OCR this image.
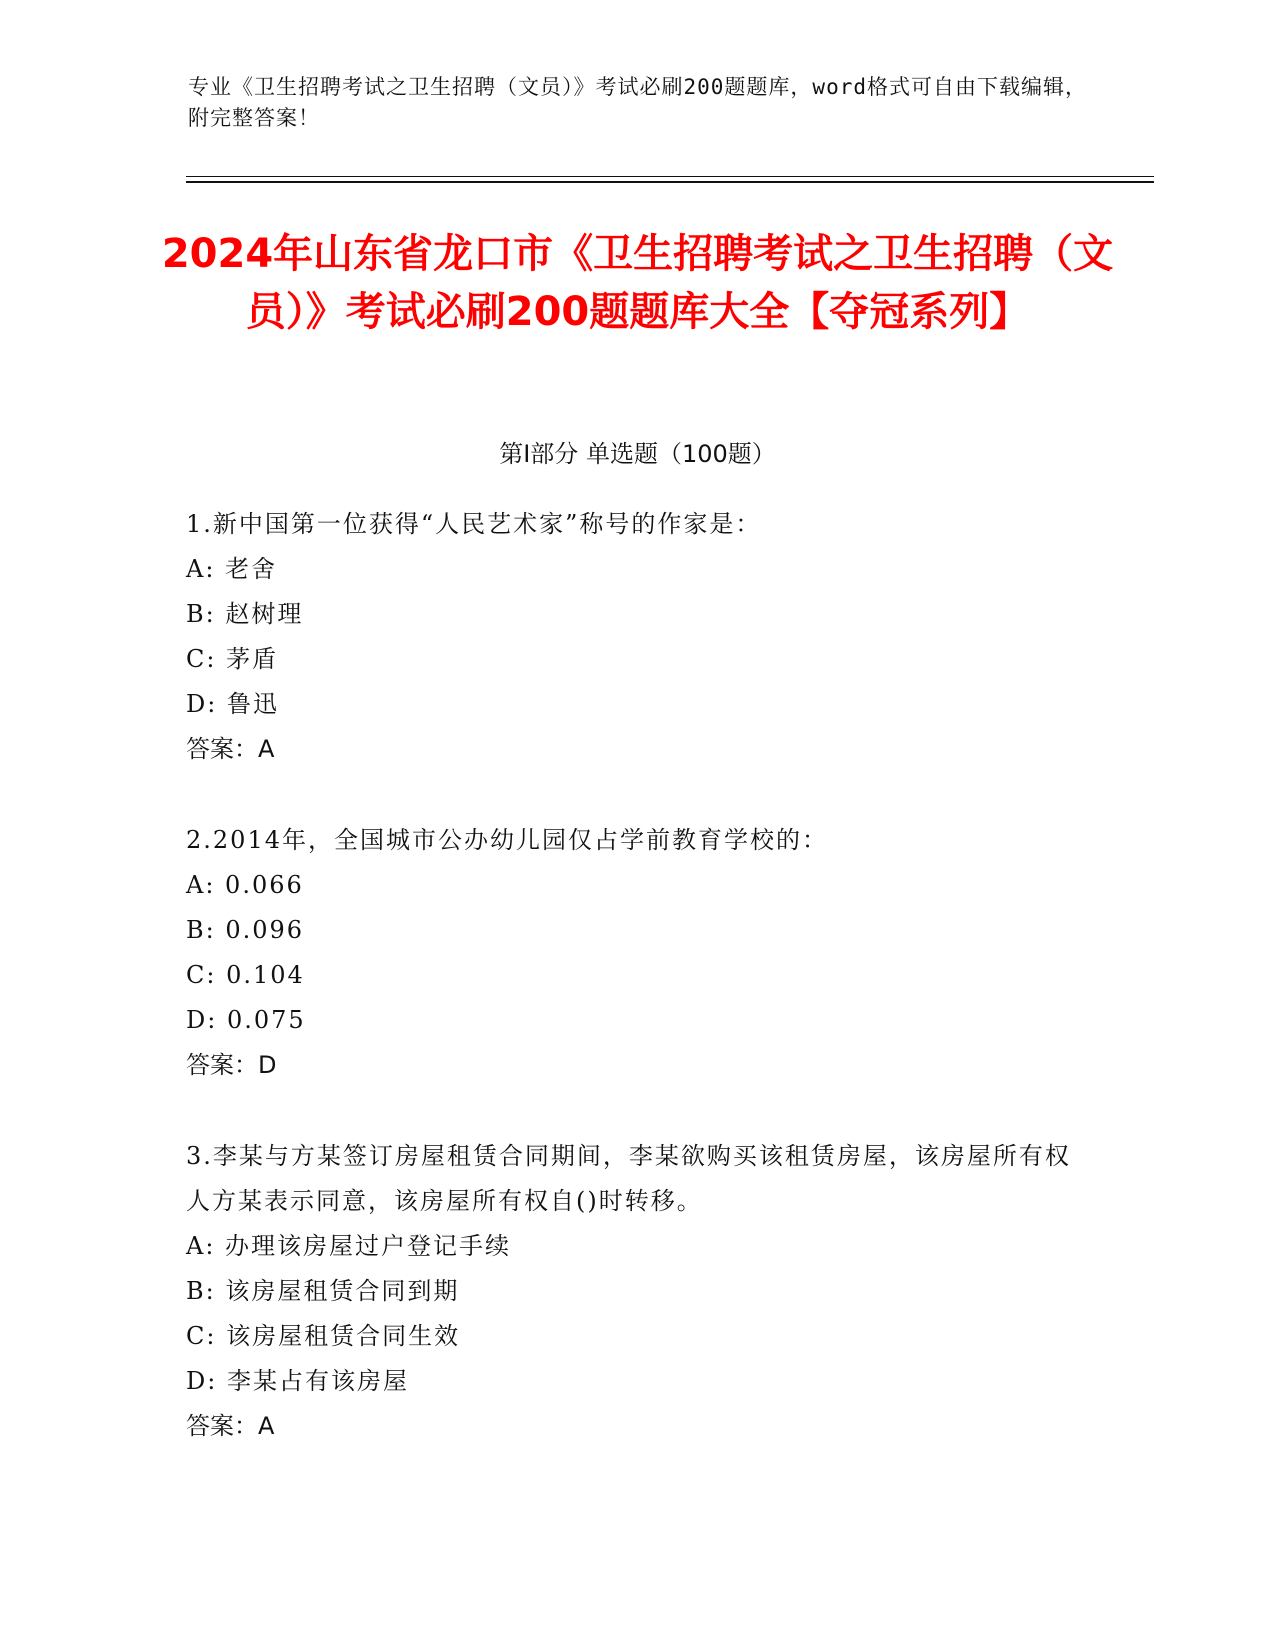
专业《卫生招聘考试之卫生招聘（文员）》考试必刷200题题库，word格式可自由下载编辑，附完整答案！
2024年山东省龙口市《卫生招聘考试之卫生招聘（文员）》考试必刷200题题库大全【夺冠系列】
第I部分 单选题（100题）

1.新中国第一位获得“人民艺术家”称号的作家是：

A: 老舍

B: 赵树理

C: 茅盾

D: 鲁迅

答案：A

2.2014年，全国城市公办幼儿园仅占学前教育学校的：

A: 0.066

B: 0.096

C: 0.104

D: 0.075

答案：D

3.李某与方某签订房屋租赁合同期间，李某欲购买该租赁房屋，该房屋所有权人方某表示同意，该房屋所有权自()时转移。

A: 办理该房屋过户登记手续

B: 该房屋租赁合同到期

C: 该房屋租赁合同生效

D: 李某占有该房屋

答案：A
